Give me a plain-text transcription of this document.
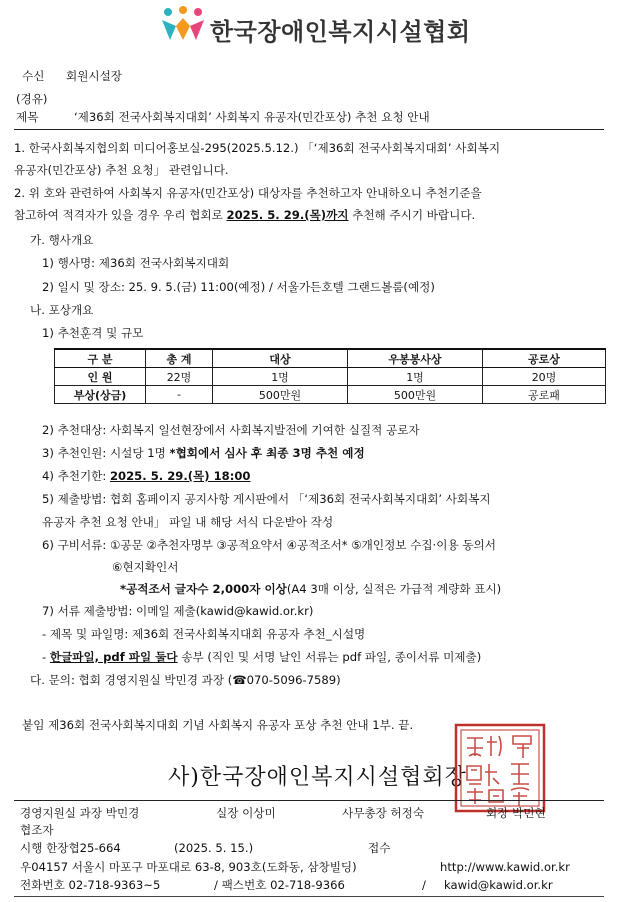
한국장애인복지시설협회
수신 회원시설장
(경유)
제목	‘제36회 전국사회복지대회’ 사회복지 유공자(민간포상) 추천 요청 안내
1. 한국사회복지협의회 미디어홍보실-295(2025.5.12.) 「‘제36회 전국사회복지대회’ 사회복지
유공자(민간포상) 추천 요청」 관련입니다.
2. 위 호와 관련하여 사회복지 유공자(민간포상) 대상자를 추천하고자 안내하오니 추천기준을
참고하여 적격자가 있을 경우 우리 협회로 2025. 5. 29.(목)까지 추천해 주시기 바랍니다.
가. 행사개요
1) 행사명: 제36회 전국사회복지대회
2) 일시 및 장소: 25. 9. 5.(금) 11:00(예정) / 서울가든호텔 그랜드볼룸(예정)
나. 포상개요
1) 추천훈격 및 규모
구 분	총 계	대상	우봉봉사상	공로상
인 원	22명	1명	1명	20명
부상(상금)	-	500만원	500만원	공로패
2) 추천대상: 사회복지 일선현장에서 사회복지발전에 기여한 실질적 공로자
3) 추천인원: 시설당 1명 *협회에서 심사 후 최종 3명 추천 예정
4) 추천기한: 2025. 5. 29.(목) 18:00
5) 제출방법: 협회 홈페이지 공지사항 게시판에서 「‘제36회 전국사회복지대회’ 사회복지
유공자 추천 요청 안내」 파일 내 해당 서식 다운받아 작성
6) 구비서류: ①공문 ②추천자명부 ③공적요약서 ④공적조서* ⑤개인정보 수집·이용 동의서
⑥현지확인서
*공적조서 글자수 2,000자 이상(A4 3매 이상, 실적은 가급적 계량화 표시)
7) 서류 제출방법: 이메일 제출(kawid@kawid.or.kr)
- 제목 및 파일명: 제36회 전국사회복지대회 유공자 추천_시설명
- 한글파일, pdf 파일 둘다 송부 (직인 및 서명 날인 서류는 pdf 파일, 종이서류 미제출)
다. 문의: 협회 경영지원실 박민경 과장 (☎070-5096-7589)
붙임 제36회 전국사회복지대회 기념 사회복지 유공자 포상 추천 안내 1부. 끝.
사)한국장애인복지시설협회장
경영지원실 과장 박민경	실장 이상미	사무총장 허정숙	회장 박민현
협조자
시행 한장협25-664	(2025. 5. 15.)	접수
우04157 서울시 마포구 마포대로 63-8, 903호(도화동, 삼창빌딩)	http://www.kawid.or.kr
전화번호 02-718-9363~5	/ 팩스번호 02-718-9366	/ kawid@kawid.or.kr
